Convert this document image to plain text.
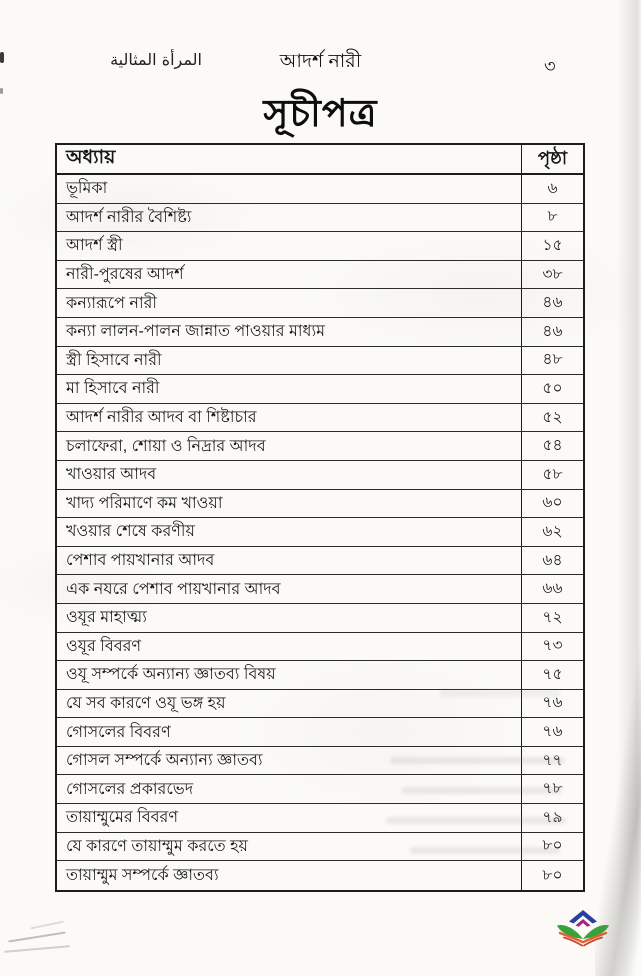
المرأة المثالية	আদর্শ নারী	৩
সূচীপত্র
অধ্যায়	পৃষ্ঠা
ভূমিকা	৬
আদর্শ নারীর বৈশিষ্ট্য	৮
আদর্শ স্ত্রী	১৫
নারী-পুরষের আদর্শ	৩৮
কন্যারূপে নারী	৪৬
কন্যা লালন-পালন জান্নাত পাওয়ার মাধ্যম	৪৬
স্ত্রী হিসাবে নারী	৪৮
মা হিসাবে নারী	৫০
আদর্শ নারীর আদব বা শিষ্টাচার	৫২
চলাফেরা, শোয়া ও নিদ্রার আদব	৫৪
খাওয়ার আদব	৫৮
খাদ্য পরিমাণে কম খাওয়া	৬০
খওয়ার শেষে করণীয়	৬২
পেশাব পায়খানার আদব	৬৪
এক নযরে পেশাব পায়খানার আদব	৬৬
ওযূর মাহাত্ম্য	৭২
ওযূর বিবরণ	৭৩
ওযূ সম্পর্কে অন্যান্য জ্ঞাতব্য বিষয়	৭৫
যে সব কারণে ওযূ ভঙ্গ হয়	৭৬
গোসলের বিবরণ	৭৬
গোসল সম্পর্কে অন্যান্য জ্ঞাতব্য	৭৭
গোসলের প্রকারভেদ	৭৮
তায়াম্মুমের বিবরণ	৭৯
যে কারণে তায়াম্মুম করতে হয়	৮০
তায়াম্মুম সম্পর্কে জ্ঞাতব্য	৮০
